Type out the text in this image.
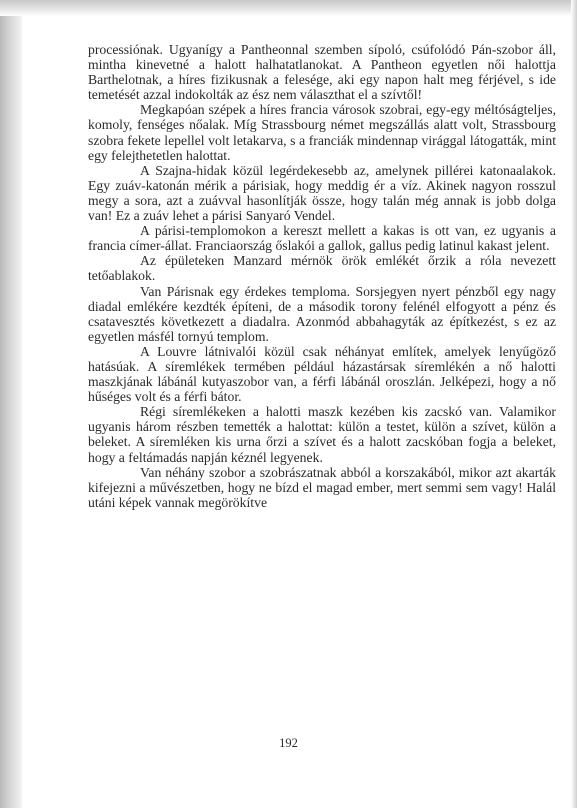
processiónak. Ugyanígy a Pantheonnal szemben sípoló, csúfolódó Pán-szobor áll, mintha kinevetné a halott halhatatlanokat. A Pantheon egyetlen női halottja Barthelotnak, a híres fizikusnak a felesége, aki egy napon halt meg férjével, s ide temetését azzal indokolták az ész nem választhat el a szívtől!

Megkapóan szépek a híres francia városok szobrai, egy-egy méltóságteljes, komoly, fenséges nőalak. Míg Strassbourg német megszállás alatt volt, Strassbourg szobra fekete lepellel volt letakarva, s a franciák mindennap virággal látogatták, mint egy felejthetetlen halottat.

A Szajna-hidak közül legérdekesebb az, amelynek pillérei katonaalakok. Egy zuáv-katonán mérik a párisiak, hogy meddig ér a víz. Akinek nagyon rosszul megy a sora, azt a zuávval hasonlítják össze, hogy talán még annak is jobb dolga van! Ez a zuáv lehet a párisi Sanyaró Vendel.

A párisi-templomokon a kereszt mellett a kakas is ott van, ez ugyanis a francia címer-állat. Franciaország őslakói a gallok, gallus pedig latinul kakast jelent.

Az épületeken Manzard mérnök örök emlékét őrzik a róla nevezett tetőablakok.

Van Párisnak egy érdekes temploma. Sorsjegyen nyert pénzből egy nagy diadal emlékére kezdték építeni, de a második torony felénél elfogyott a pénz és csatavesztés következett a diadalra. Azonmód abbahagyták az építkezést, s ez az egyetlen másfél tornyú templom.

A Louvre látnivalói közül csak néhányat említek, amelyek lenyűgöző hatásúak. A síremlékek termében például házastársak síremlékén a nő halotti maszkjának lábánál kutyaszobor van, a férfi lábánál oroszlán. Jelképezi, hogy a nő hűséges volt és a férfi bátor.

Régi síremlékeken a halotti maszk kezében kis zacskó van. Valamikor ugyanis három részben temették a halottat: külön a testet, külön a szívet, külön a beleket. A síremléken kis urna őrzi a szívet és a halott zacskóban fogja a beleket, hogy a feltámadás napján kéznél legyenek.

Van néhány szobor a szobrászatnak abból a korszakából, mikor azt akarták kifejezni a művészetben, hogy ne bízd el magad ember, mert semmi sem vagy! Halál utáni képek vannak megörökítve

192
